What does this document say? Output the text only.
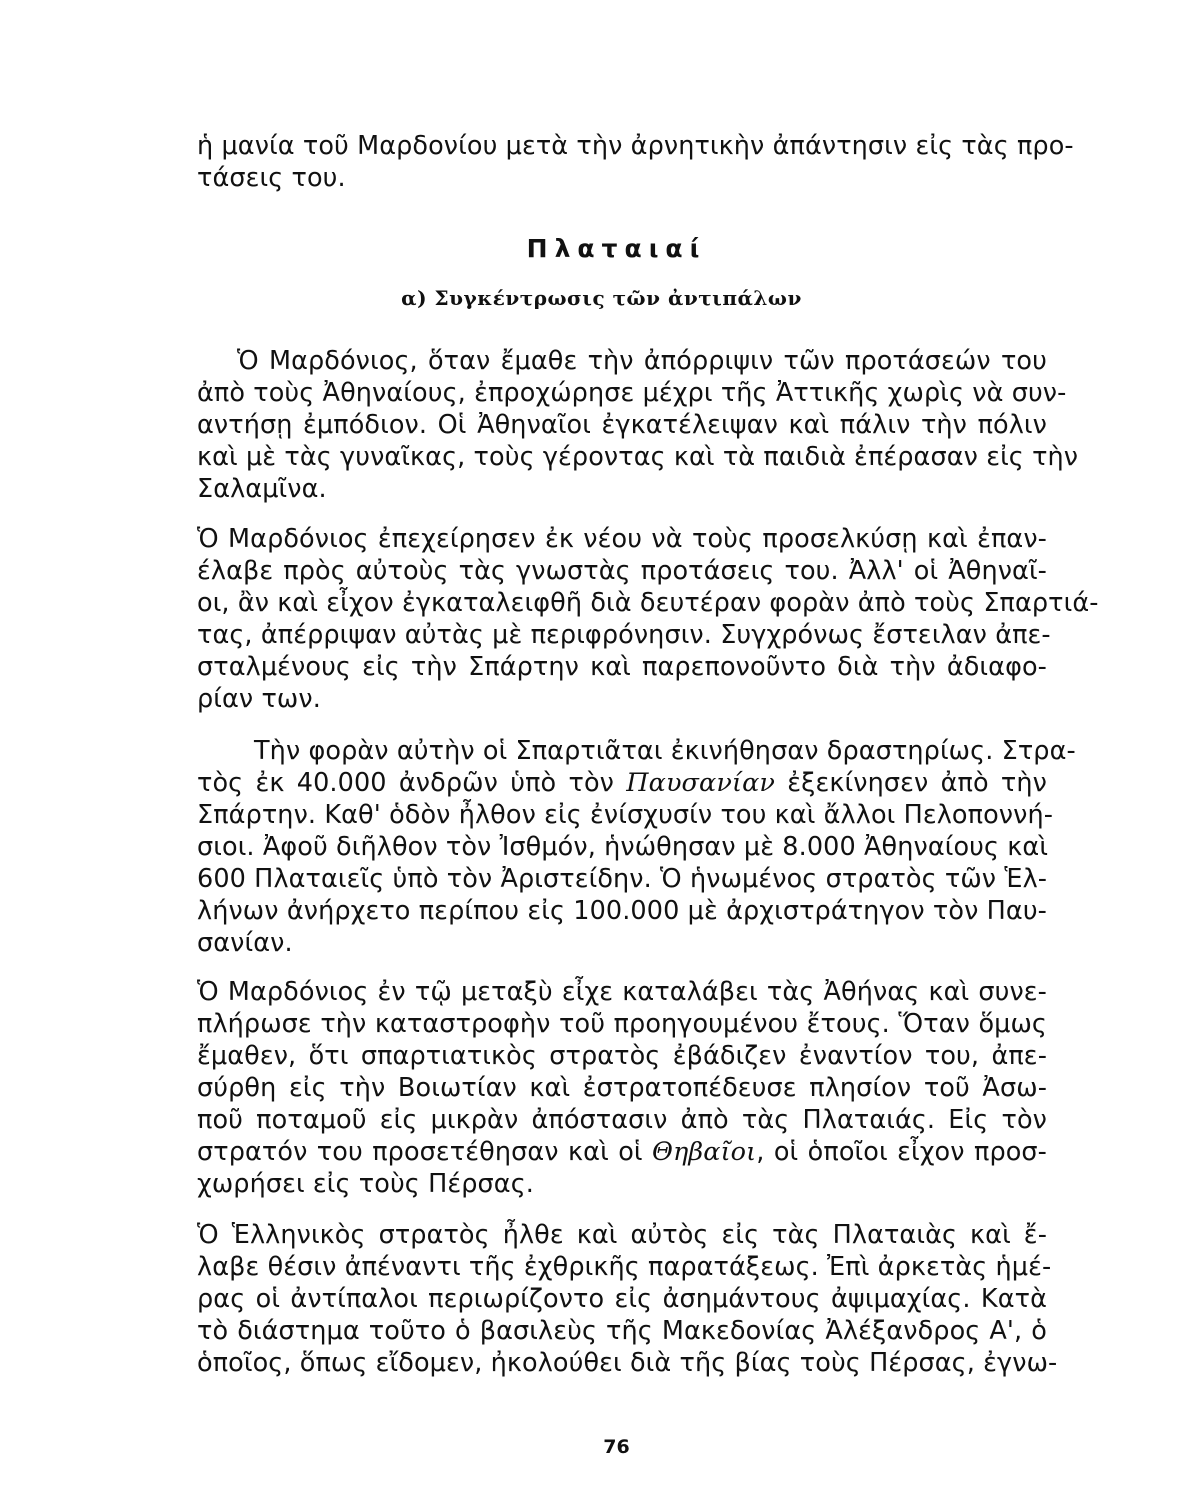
ἡ μανία τοῦ Μαρδονίου μετὰ τὴν ἀρνητικὴν ἀπάντησιν εἰς τὰς προ-
τάσεις του.
Πλαταιαί
α) Συγκέντρωσις τῶν ἀντιπάλων
Ὁ Μαρδόνιος, ὅταν ἔμαθε τὴν ἀπόρριψιν τῶν προτάσεών του
ἀπὸ τοὺς Ἀθηναίους, ἐπροχώρησε μέχρι τῆς Ἀττικῆς χωρὶς νὰ συν-
αντήσῃ ἐμπόδιον. Οἱ Ἀθηναῖοι ἐγκατέλειψαν καὶ πάλιν τὴν πόλιν
καὶ μὲ τὰς γυναῖκας, τοὺς γέροντας καὶ τὰ παιδιὰ ἐπέρασαν εἰς τὴν
Σαλαμῖνα.
Ὁ Μαρδόνιος ἐπεχείρησεν ἐκ νέου νὰ τοὺς προσελκύσῃ καὶ ἐπαν-
έλαβε πρὸς αὐτοὺς τὰς γνωστὰς προτάσεις του. Ἀλλ' οἱ Ἀθηναῖ-
οι, ἂν καὶ εἶχον ἐγκαταλειφθῆ διὰ δευτέραν φορὰν ἀπὸ τοὺς Σπαρτιά-
τας, ἀπέρριψαν αὐτὰς μὲ περιφρόνησιν. Συγχρόνως ἔστειλαν ἀπε-
σταλμένους εἰς τὴν Σπάρτην καὶ παρεπονοῦντο διὰ τὴν ἀδιαφο-
ρίαν των.
Τὴν φορὰν αὐτὴν οἱ Σπαρτιᾶται ἐκινήθησαν δραστηρίως. Στρα-
τὸς ἐκ 40.000 ἀνδρῶν ὑπὸ τὸν Παυσανίαν ἐξεκίνησεν ἀπὸ τὴν
Σπάρτην. Καθ' ὁδὸν ἦλθον εἰς ἐνίσχυσίν του καὶ ἄλλοι Πελοποννή-
σιοι. Ἀφοῦ διῆλθον τὸν Ἰσθμόν, ἡνώθησαν μὲ 8.000 Ἀθηναίους καὶ
600 Πλαταιεῖς ὑπὸ τὸν Ἀριστείδην. Ὁ ἡνωμένος στρατὸς τῶν Ἑλ-
λήνων ἀνήρχετο περίπου εἰς 100.000 μὲ ἀρχιστράτηγον τὸν Παυ-
σανίαν.
Ὁ Μαρδόνιος ἐν τῷ μεταξὺ εἶχε καταλάβει τὰς Ἀθήνας καὶ συνε-
πλήρωσε τὴν καταστροφὴν τοῦ προηγουμένου ἔτους. Ὅταν ὅμως
ἔμαθεν, ὅτι σπαρτιατικὸς στρατὸς ἐβάδιζεν ἐναντίον του, ἀπε-
σύρθη εἰς τὴν Βοιωτίαν καὶ ἐστρατοπέδευσε πλησίον τοῦ Ἀσω-
ποῦ ποταμοῦ εἰς μικρὰν ἀπόστασιν ἀπὸ τὰς Πλαταιάς. Εἰς τὸν
στρατόν του προσετέθησαν καὶ οἱ Θηβαῖοι, οἱ ὁποῖοι εἶχον προσ-
χωρήσει εἰς τοὺς Πέρσας.
Ὁ Ἑλληνικὸς στρατὸς ἦλθε καὶ αὐτὸς εἰς τὰς Πλαταιὰς καὶ ἔ-
λαβε θέσιν ἀπέναντι τῆς ἐχθρικῆς παρατάξεως. Ἐπὶ ἀρκετὰς ἡμέ-
ρας οἱ ἀντίπαλοι περιωρίζοντο εἰς ἀσημάντους ἀψιμαχίας. Κατὰ
τὸ διάστημα τοῦτο ὁ βασιλεὺς τῆς Μακεδονίας Ἀλέξανδρος Α', ὁ
ὁποῖος, ὅπως εἴδομεν, ἠκολούθει διὰ τῆς βίας τοὺς Πέρσας, ἐγνω-
76
